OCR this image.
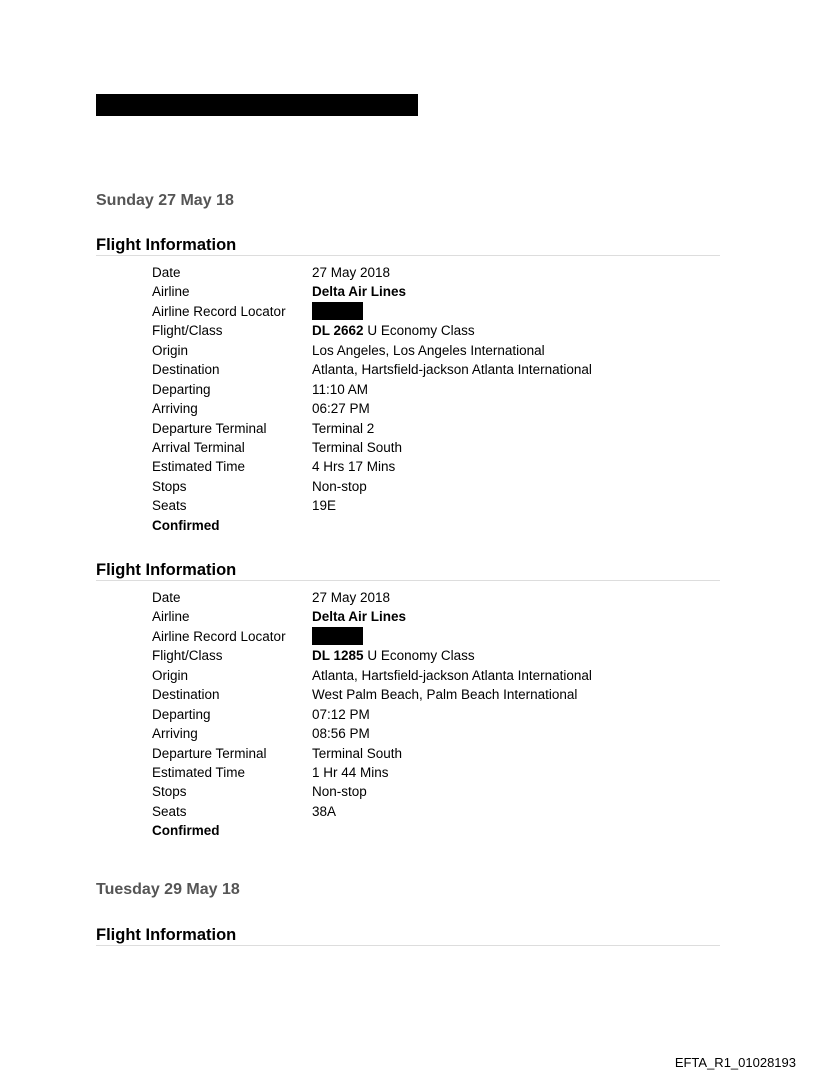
Sunday 27 May 18
Flight Information
Date	27 May 2018
Airline	Delta Air Lines
Airline Record Locator
Flight/Class	DL 2662 U Economy Class
Origin	Los Angeles, Los Angeles International
Destination	Atlanta, Hartsfield-jackson Atlanta International
Departing	11:10 AM
Arriving	06:27 PM
Departure Terminal	Terminal 2
Arrival Terminal	Terminal South
Estimated Time	4 Hrs 17 Mins
Stops	Non-stop
Seats	19E
Confirmed
Flight Information
Date	27 May 2018
Airline	Delta Air Lines
Airline Record Locator
Flight/Class	DL 1285 U Economy Class
Origin	Atlanta, Hartsfield-jackson Atlanta International
Destination	West Palm Beach, Palm Beach International
Departing	07:12 PM
Arriving	08:56 PM
Departure Terminal	Terminal South
Estimated Time	1 Hr 44 Mins
Stops	Non-stop
Seats	38A
Confirmed
Tuesday 29 May 18
Flight Information
EFTA_R1_01028193
